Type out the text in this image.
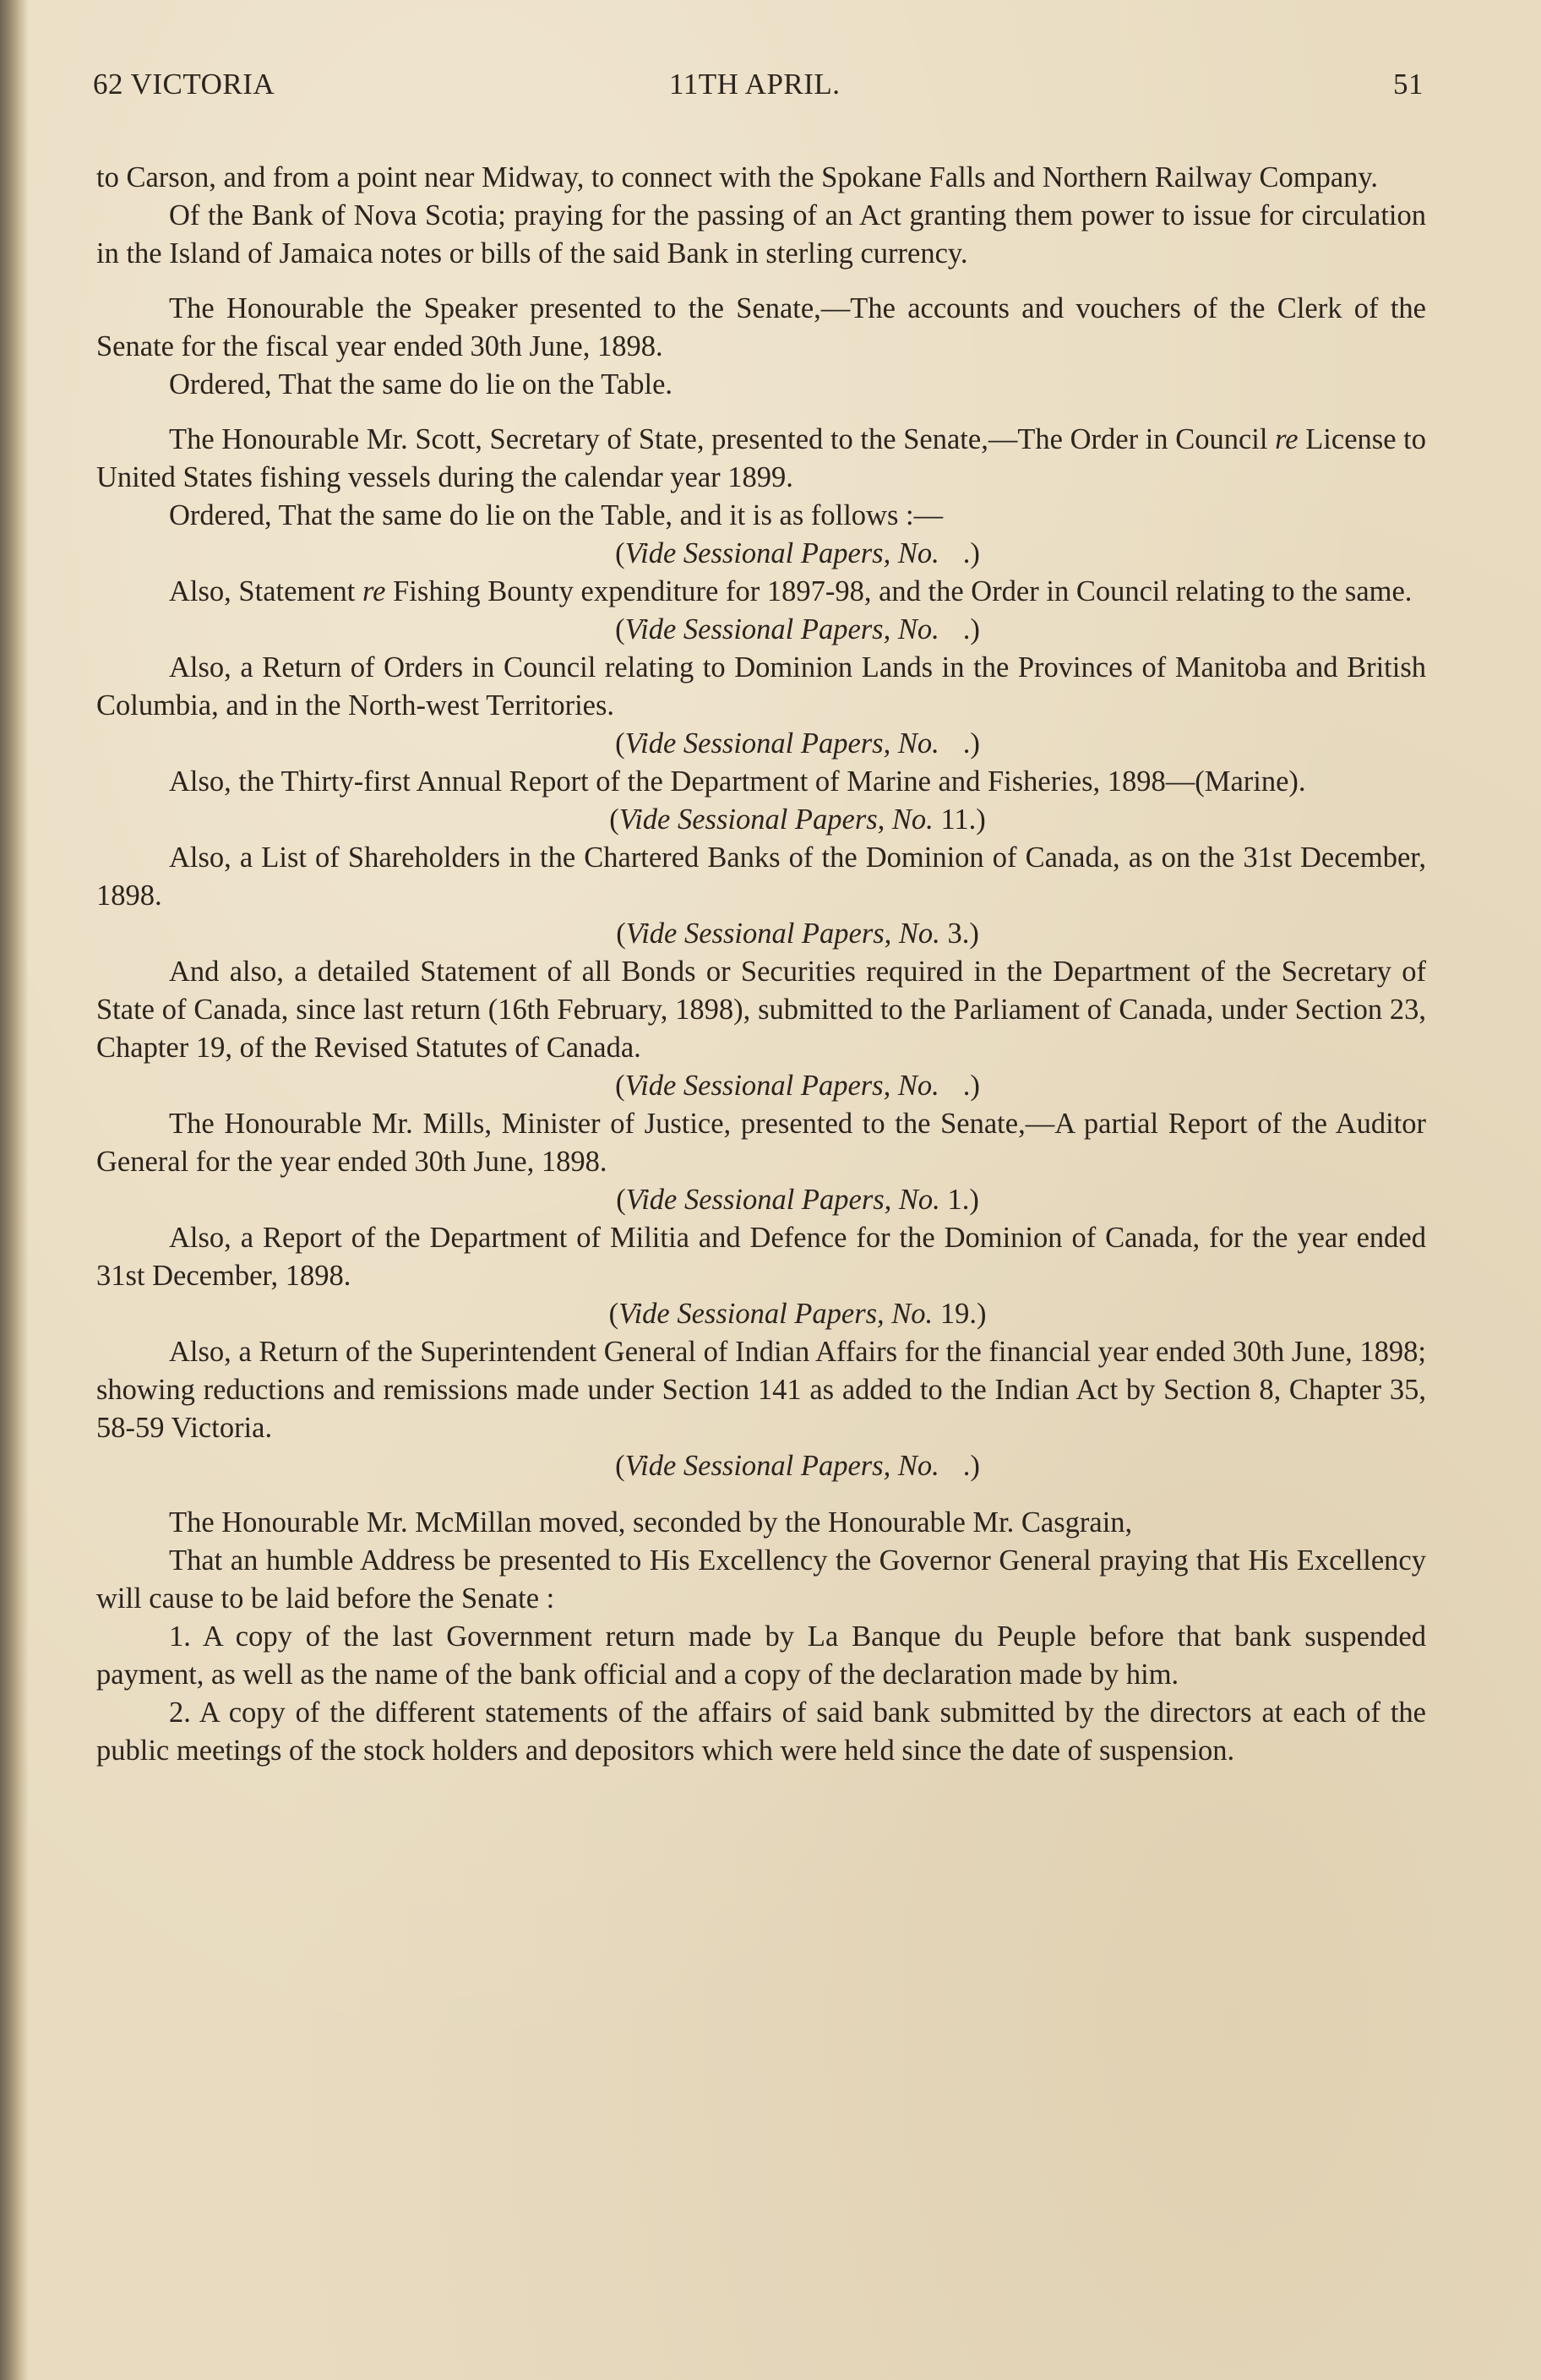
62 VICTORIA	11TH APRIL.	51

to Carson, and from a point near Midway, to connect with the Spokane Falls and Northern Railway Company.

Of the Bank of Nova Scotia; praying for the passing of an Act granting them power to issue for circulation in the Island of Jamaica notes or bills of the said Bank in sterling currency.

The Honourable the Speaker presented to the Senate,—The accounts and vouchers of the Clerk of the Senate for the fiscal year ended 30th June, 1898.

Ordered, That the same do lie on the Table.

The Honourable Mr. Scott, Secretary of State, presented to the Senate,—The Order in Council re License to United States fishing vessels during the calendar year 1899.

Ordered, That the same do lie on the Table, and it is as follows :—

(Vide Sessional Papers, No. .)

Also, Statement re Fishing Bounty expenditure for 1897-98, and the Order in Council relating to the same.

(Vide Sessional Papers, No. .)

Also, a Return of Orders in Council relating to Dominion Lands in the Provinces of Manitoba and British Columbia, and in the North-west Territories.

(Vide Sessional Papers, No. .)

Also, the Thirty-first Annual Report of the Department of Marine and Fisheries, 1898—(Marine).

(Vide Sessional Papers, No. 11.)

Also, a List of Shareholders in the Chartered Banks of the Dominion of Canada, as on the 31st December, 1898.

(Vide Sessional Papers, No. 3.)

And also, a detailed Statement of all Bonds or Securities required in the Department of the Secretary of State of Canada, since last return (16th February, 1898), submitted to the Parliament of Canada, under Section 23, Chapter 19, of the Revised Statutes of Canada.

(Vide Sessional Papers, No. .)

The Honourable Mr. Mills, Minister of Justice, presented to the Senate,—A partial Report of the Auditor General for the year ended 30th June, 1898.

(Vide Sessional Papers, No. 1.)

Also, a Report of the Department of Militia and Defence for the Dominion of Canada, for the year ended 31st December, 1898.

(Vide Sessional Papers, No. 19.)

Also, a Return of the Superintendent General of Indian Affairs for the financial year ended 30th June, 1898; showing reductions and remissions made under Section 141 as added to the Indian Act by Section 8, Chapter 35, 58-59 Victoria.

(Vide Sessional Papers, No. .)

The Honourable Mr. McMillan moved, seconded by the Honourable Mr. Casgrain,

That an humble Address be presented to His Excellency the Governor General praying that His Excellency will cause to be laid before the Senate :

1. A copy of the last Government return made by La Banque du Peuple before that bank suspended payment, as well as the name of the bank official and a copy of the declaration made by him.

2. A copy of the different statements of the affairs of said bank submitted by the directors at each of the public meetings of the stock holders and depositors which were held since the date of suspension.
